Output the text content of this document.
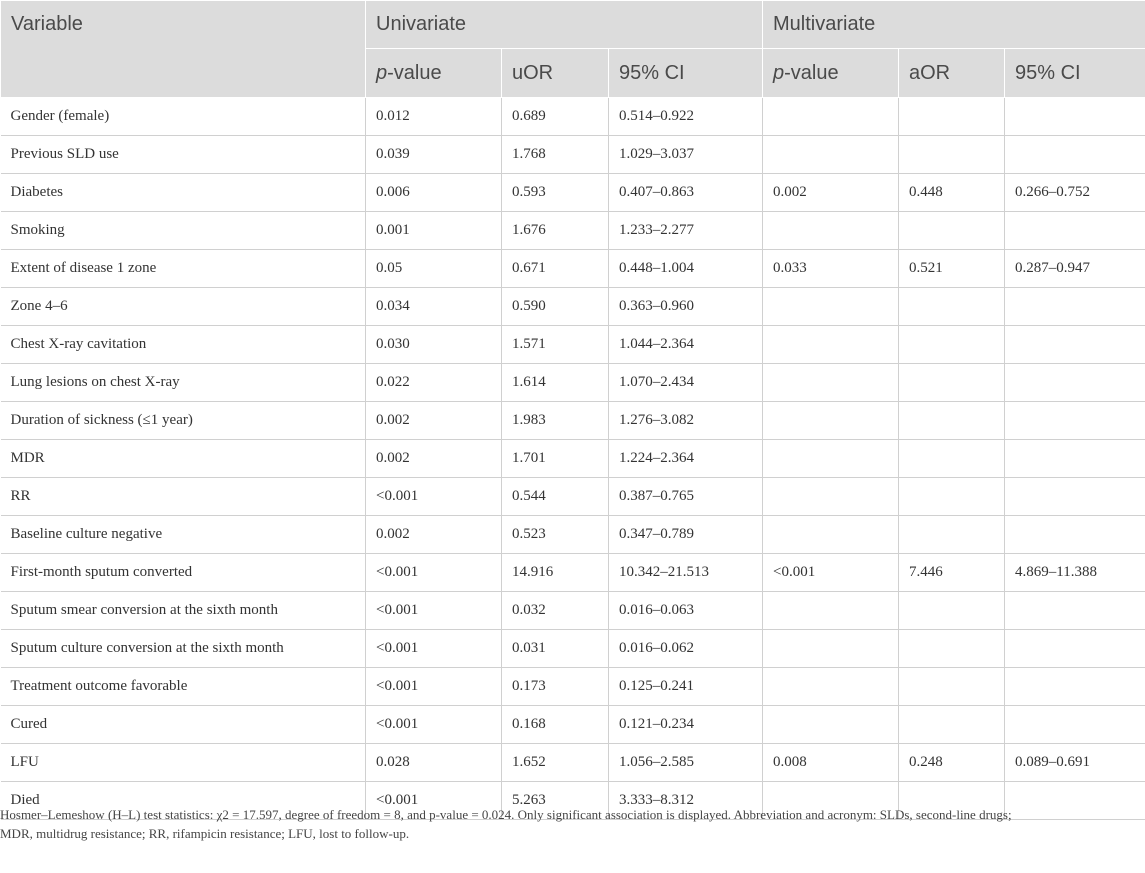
Variable	Univariate			Multivariate		
	p-value	uOR	95% CI	p-value	aOR	95% CI
Gender (female)	0.012	0.689	0.514–0.922			
Previous SLD use	0.039	1.768	1.029–3.037			
Diabetes	0.006	0.593	0.407–0.863	0.002	0.448	0.266–0.752
Smoking	0.001	1.676	1.233–2.277			
Extent of disease 1 zone	0.05	0.671	0.448–1.004	0.033	0.521	0.287–0.947
Zone 4–6	0.034	0.590	0.363–0.960			
Chest X-ray cavitation	0.030	1.571	1.044–2.364			
Lung lesions on chest X-ray	0.022	1.614	1.070–2.434			
Duration of sickness (≤1 year)	0.002	1.983	1.276–3.082			
MDR	0.002	1.701	1.224–2.364			
RR	<0.001	0.544	0.387–0.765			
Baseline culture negative	0.002	0.523	0.347–0.789			
First-month sputum converted	<0.001	14.916	10.342–21.513	<0.001	7.446	4.869–11.388
Sputum smear conversion at the sixth month	<0.001	0.032	0.016–0.063			
Sputum culture conversion at the sixth month	<0.001	0.031	0.016–0.062			
Treatment outcome favorable	<0.001	0.173	0.125–0.241			
Cured	<0.001	0.168	0.121–0.234			
LFU	0.028	1.652	1.056–2.585	0.008	0.248	0.089–0.691
Died	<0.001	5.263	3.333–8.312			
Hosmer–Lemeshow (H–L) test statistics: χ2 = 17.597, degree of freedom = 8, and p-value = 0.024. Only significant association is displayed. Abbreviation and acronym: SLDs, second-line drugs;
MDR, multidrug resistance; RR, rifampicin resistance; LFU, lost to follow-up.
